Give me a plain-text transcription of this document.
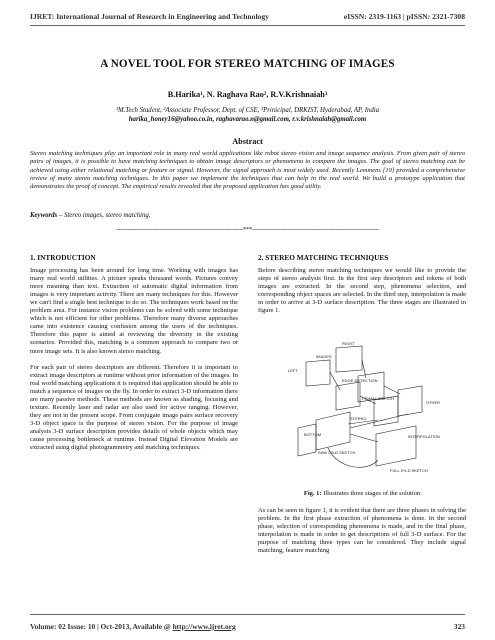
IJRET: International Journal of Research in Engineering and Technology	eISSN: 2319-1163 | pISSN: 2321-7308
A NOVEL TOOL FOR STEREO MATCHING OF IMAGES
B.Harika¹, N. Raghava Rao², R.V.Krishnaiah³
¹M.Tech Student, ²Associate Professor, Dept. of CSE, ³Prinicipal, DRKIST, Hyderabad, AP, India
harika_honey16@yahoo.co.in, raghavarao.n@gmail.com, r.v.krishnaiah@gmail.com
Abstract
Stereo matching techniques play an important role in many real world applications like robot stereo vision and image sequence analysis. From given pair of stereo pairs of images, it is possible to have matching techniques to obtain image descriptors or phenomena to compare the images. The goal of stereo matching can be achieved using either relational matching or feature or signal. However, the signal approach is most widely used. Recently Lemmens [10] provided a comprehensive review of many stereo matching techniques. In this paper we implement the techniques that can help in the real world. We build a prototype application that demonstrates the proof of concept. The empirical results revealed that the proposed application has good utility.
Keywords – Stereo images, stereo matching,
--------------------------------------------------------------------***--------------------------------------------------------------------
1. INTRODUCTION
Image processing has been around for long time. Working with images has many real world utilities. A picture speaks thousand words. Pictures convey more meaning than text. Extraction of automatic digital information from images is very important activity. There are many techniques for this. However we can't find a single best technique to do so. The techniques work based on the problem area. For instance vision problems can be solved with some technique which is not efficient for other problems. Therefore many diverse approaches came into existence causing confusion among the users of the techniques. Therefore this paper is aimed at reviewing the diversity in the existing scenarios. Provided this, matching is a common approach to compare two or more image sets. It is also known stereo matching.
For each pair of stereo descriptors are different. Therefore it is important to extract image descriptors at runtime without prior information of the images. In real world matching applications it is required that application should be able to match a sequence of images on the fly. In order to extract 3-D information there are many passive methods. These methods are known as shading, focusing and texture. Recently laser and radar are also used for active ranging. However, they are not in the present scope. From conjugate image pairs surface recovery 3-D object space is the purpose of stereo vision. For the purpose of image analysis 3-D surface description provides details of whole objects which may cause processing bottleneck at runtime. Instead Digital Elevation Models are extracted using digital photogrammetry and matching techniques.
2. STEREO MATCHING TECHNIQUES
Before describing stereo matching techniques we would like to provide the steps of stereo analysis first. In the first step descriptors and tokens of both images are extracted. In the second step, phenomena selection, and corresponding object spaces are selected. In the third step, interpolation is made in order to arrive at 3-D surface description. The three stages are illustrated in figure 1.
RIGHT
LEFT
IMAGES
EDGE DETECTION
PRIMAL SKETCH
OTHER
STEREO
BOTTOM
RAW 2½-D SKETCH
INTERPOLATION
FULL 2½-D SKETCH
Fig. 1: Illustrates three stages of the solution
As can be seen in figure 1, it is evident that there are three phases in solving the problem. In the first phase extraction of phenomena is done. In the second phase, selection of corresponding phenomena is made, and in the final phase, interpolation is made in order to get descriptions of full 3-D surface. For the purpose of matching three types can be considered. They include signal matching, feature matching
Volume: 02 Issue: 10 | Oct-2013, Available @ http://www.ijret.org	323
